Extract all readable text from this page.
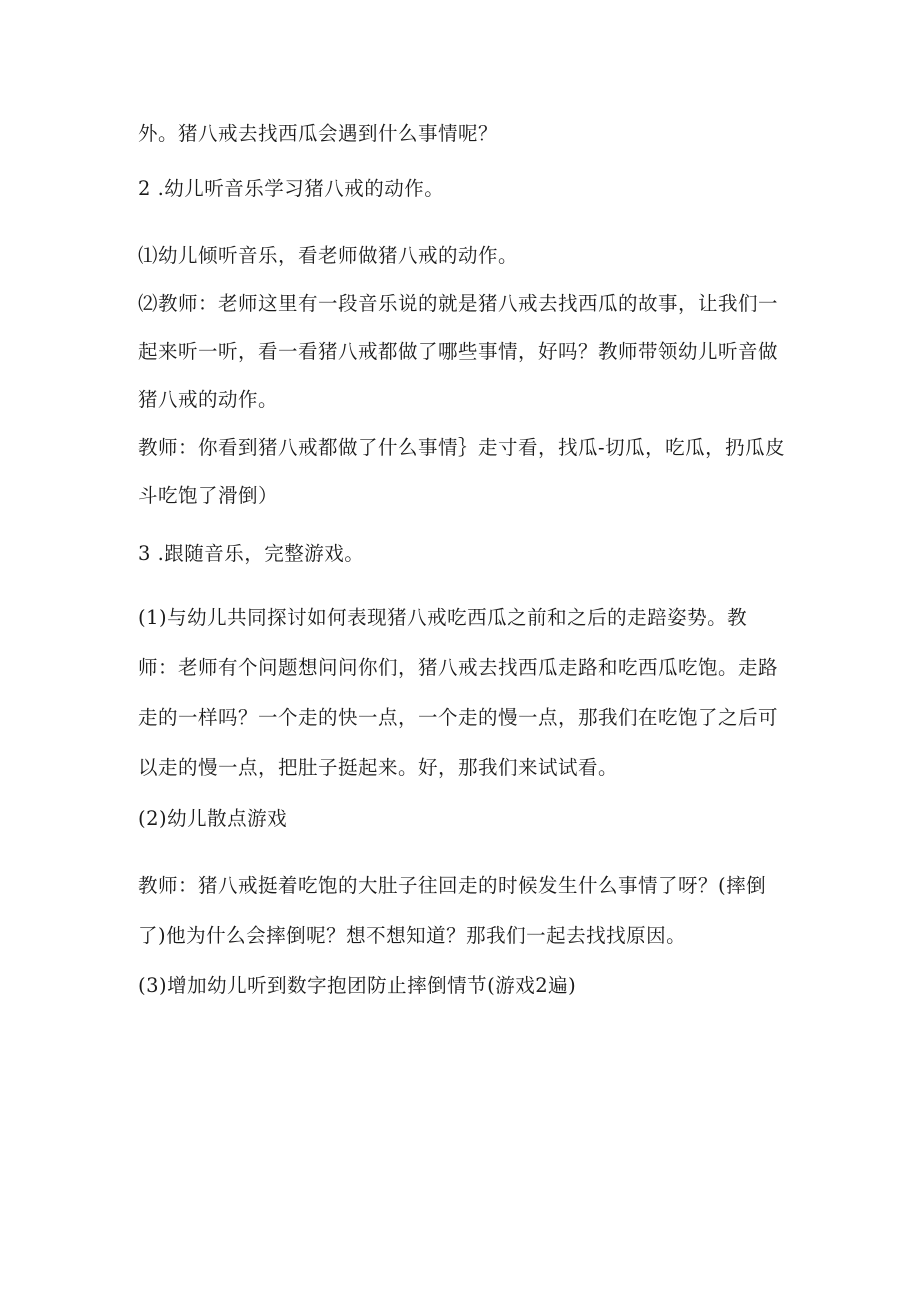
外。猪八戒去找西瓜会遇到什么事情呢？
2 .幼儿听音乐学习猪八戒的动作。
⑴幼儿倾听音乐，看老师做猪八戒的动作。
⑵教师：老师这里有一段音乐说的就是猪八戒去找西瓜的故事，让我们一
起来听一听，看一看猪八戒都做了哪些事情，好吗？教师带领幼儿听音做
猪八戒的动作。
教师：你看到猪八戒都做了什么事情｝走寸看，找瓜-切瓜，吃瓜，扔瓜皮
斗吃饱了滑倒）
3 .跟随音乐，完整游戏。
(1)与幼儿共同探讨如何表现猪八戒吃西瓜之前和之后的走踣姿势。教
师：老师有个问题想问问你们，猪八戒去找西瓜走路和吃西瓜吃饱。走路
走的一样吗？一个走的快一点，一个走的慢一点，那我们在吃饱了之后可
以走的慢一点，把肚子挺起来。好，那我们来试试看。
(2)幼儿散点游戏
教师：猪八戒挺着吃饱的大肚子往回走的时候发生什么事情了呀？(摔倒
了)他为什么会摔倒呢？想不想知道？那我们一起去找找原因。
(3)增加幼儿听到数字抱团防止摔倒情节(游戏2遍)
